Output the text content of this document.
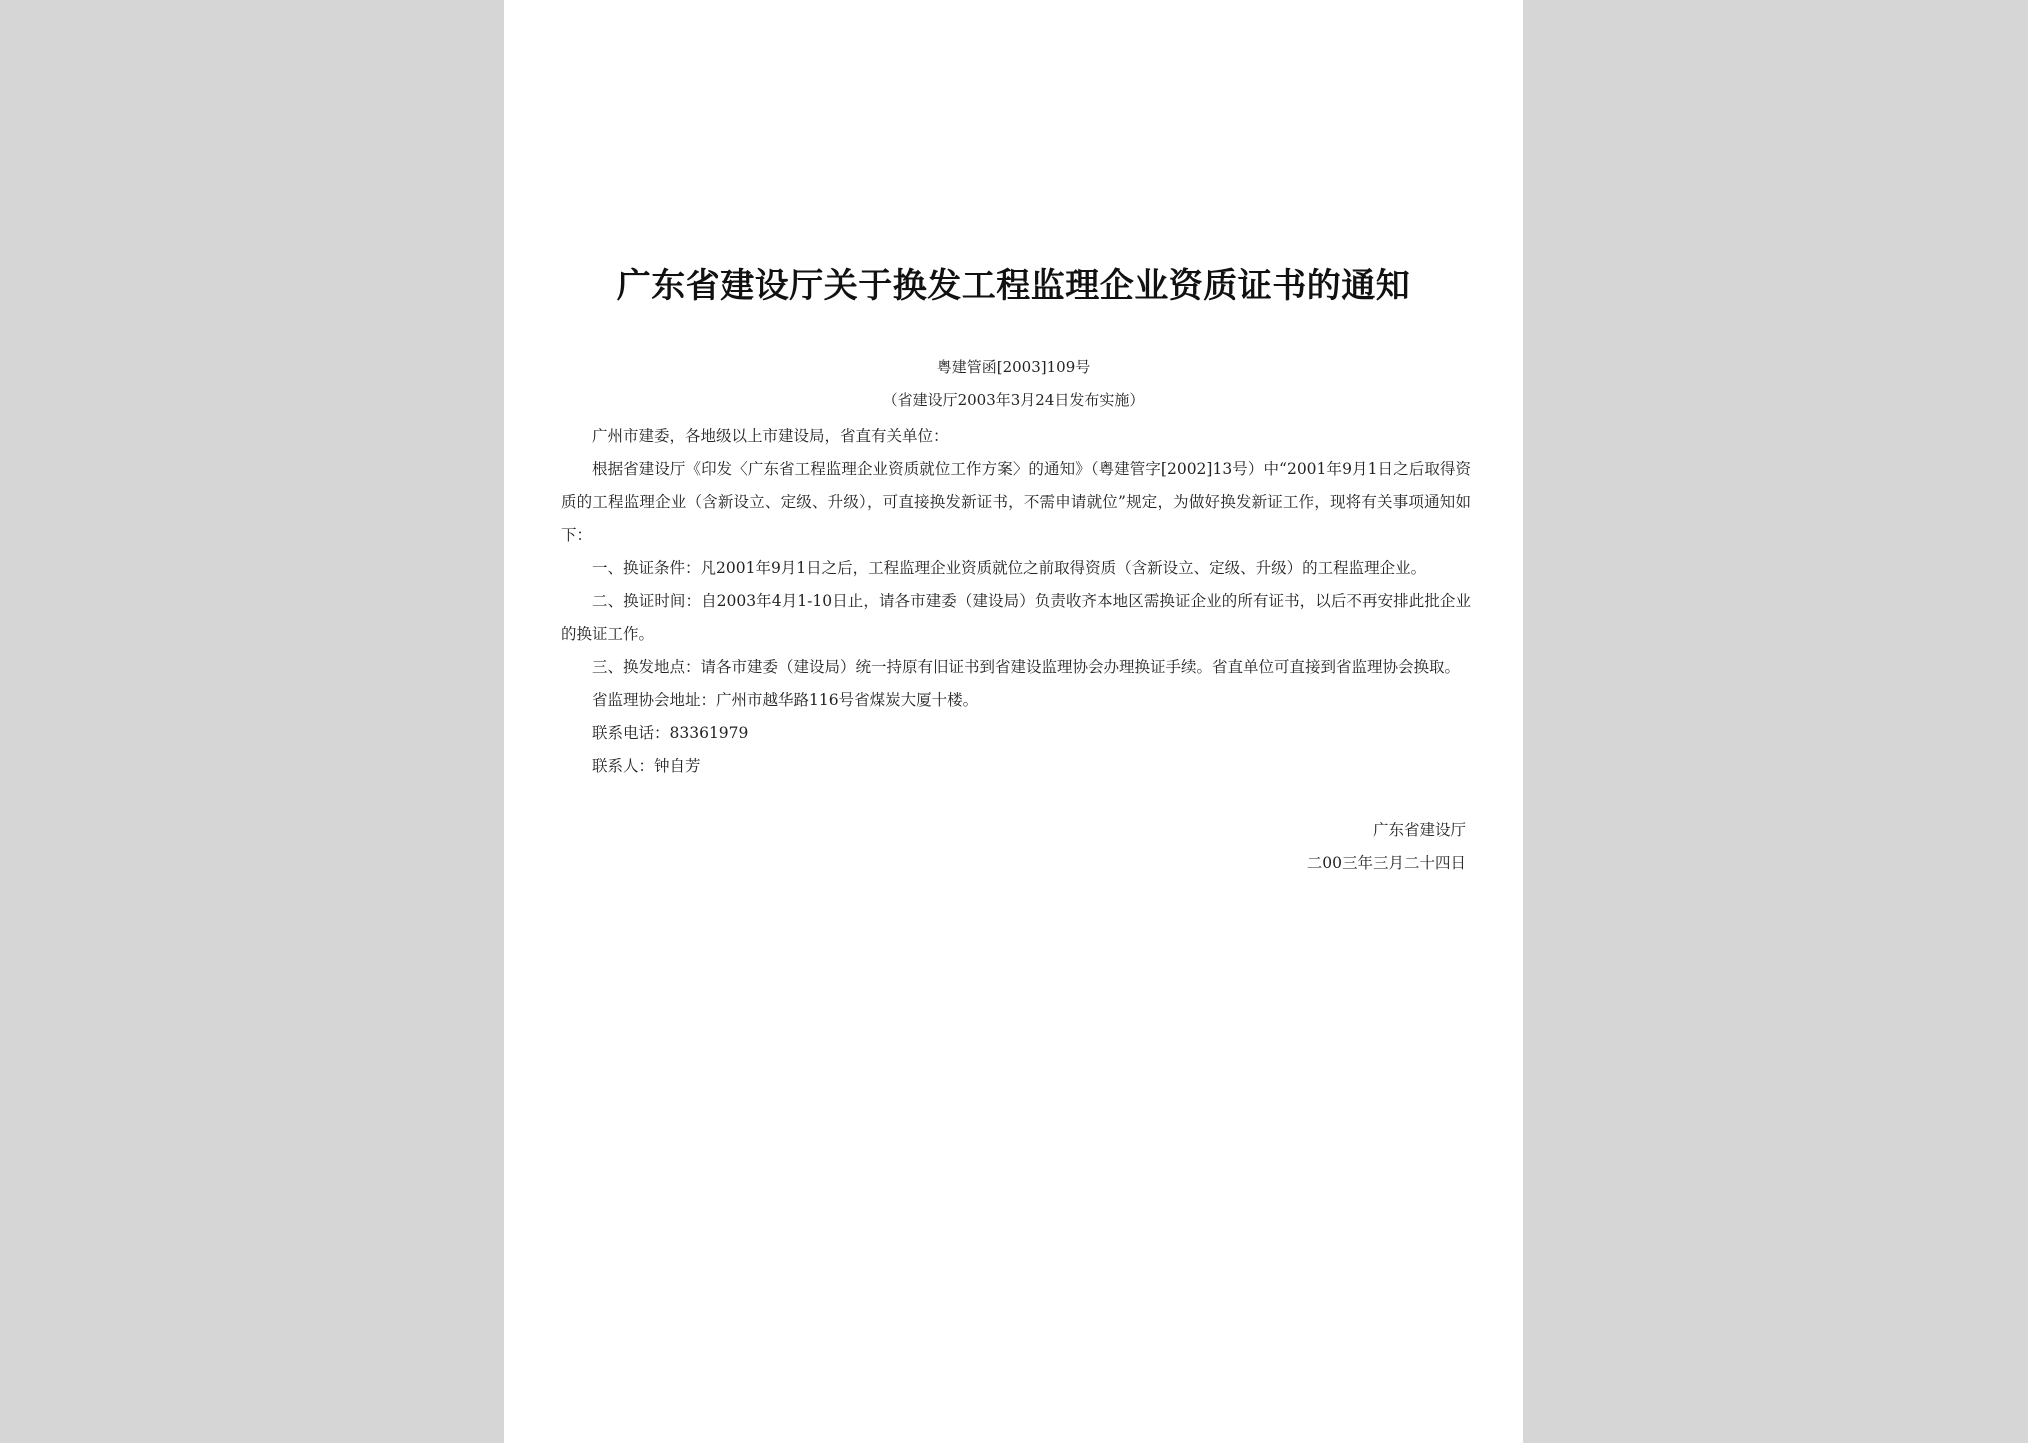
广东省建设厅关于换发工程监理企业资质证书的通知
粤建管函[2003]109号
（省建设厅2003年3月24日发布实施）

广州市建委，各地级以上市建设局，省直有关单位：

根据省建设厅《印发〈广东省工程监理企业资质就位工作方案〉的通知》（粤建管字[2002]13号）中“2001年9月1日之后取得资质的工程监理企业（含新设立、定级、升级），可直接换发新证书，不需申请就位”规定，为做好换发新证工作，现将有关事项通知如下：

一、换证条件：凡2001年9月1日之后，工程监理企业资质就位之前取得资质（含新设立、定级、升级）的工程监理企业。

二、换证时间：自2003年4月1-10日止，请各市建委（建设局）负责收齐本地区需换证企业的所有证书，以后不再安排此批企业的换证工作。

三、换发地点：请各市建委（建设局）统一持原有旧证书到省建设监理协会办理换证手续。省直单位可直接到省监理协会换取。

省监理协会地址：广州市越华路116号省煤炭大厦十楼。

联系电话：83361979

联系人：钟自芳

广东省建设厅
二00三年三月二十四日
